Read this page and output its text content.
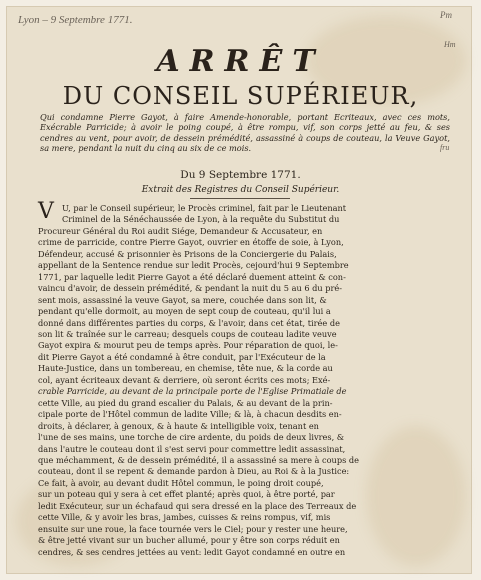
Lyon – 9 Septembre 1771.	Pm
Hm
fru
ARRÊT
DU CONSEIL SUPÉRIEUR,
Qui condamne Pierre Gayot, à faire Amende-honorable, portant Ecriteaux, avec ces mots, Exécrable Parricide; à avoir le poing coupé, à être rompu, vif, son corps jetté au feu, & ses cendres au vent, pour avoir, de dessein prémédité, assassiné à coups de couteau, la Veuve Gayot, sa mere, pendant la nuit du cinq au six de ce mois.
Du 9 Septembre 1771.
Extrait des Registres du Conseil Supérieur.
V U, par le Conseil supérieur, le Procès criminel, fait par le Lieutenant

Criminel de la Sénéchaussée de Lyon, à la requête du Substitut du

Procureur Général du Roi audit Siége, Demandeur & Accusateur, en

crime de parricide, contre Pierre Gayot, ouvrier en étoffe de soie, à Lyon,

Défendeur, accusé & prisonnier ès Prisons de la Conciergerie du Palais,

appellant de la Sentence rendue sur ledit Procès, cejourd'hui 9 Septembre

1771, par laquelle ledit Pierre Gayot a été déclaré duement atteint & con-

vaincu d'avoir, de dessein prémédité, & pendant la nuit du 5 au 6 du pré-

sent mois, assassiné la veuve Gayot, sa mere, couchée dans son lit, &

pendant qu'elle dormoit, au moyen de sept coup de couteau, qu'il lui a

donné dans différentes parties du corps, & l'avoir, dans cet état, tirée de

son lit & traînée sur le carreau; desquels coups de couteau ladite veuve

Gayot expira & mourut peu de temps après. Pour réparation de quoi, le-

dit Pierre Gayot a été condamné à être conduit, par l'Exécuteur de la

Haute-Justice, dans un tombereau, en chemise, tête nue, & la corde au

col, ayant écriteaux devant & derriere, où seront écrits ces mots; Exé-

crable Parricide, au devant de la principale porte de l'Eglise Primatiale de

cette Ville, au pied du grand escalier du Palais, & au devant de la prin-

cipale porte de l'Hôtel commun de ladite Ville; & là, à chacun desdits en-

droits, à déclarer, à genoux, & à haute & intelligible voix, tenant en

l'une de ses mains, une torche de cire ardente, du poids de deux livres, &

dans l'autre le couteau dont il s'est servi pour commettre ledit assassinat,

que méchamment, & de dessein prémédité, il a assassiné sa mere à coups de

couteau, dont il se repent & demande pardon à Dieu, au Roi & à la Justice:

Ce fait, à avoir, au devant dudit Hôtel commun, le poing droit coupé,

sur un poteau qui y sera à cet effet planté; après quoi, à être porté, par

ledit Exécuteur, sur un échafaud qui sera dressé en la place des Terreaux de

cette Ville, & y avoir les bras, jambes, cuisses & reins rompus, vif, mis

ensuite sur une roue, la face tournée vers le Ciel; pour y rester une heure,

& être jetté vivant sur un bucher allumé, pour y être son corps réduit en

cendres, & ses cendres jettées au vent: ledit Gayot condamné en outre en
